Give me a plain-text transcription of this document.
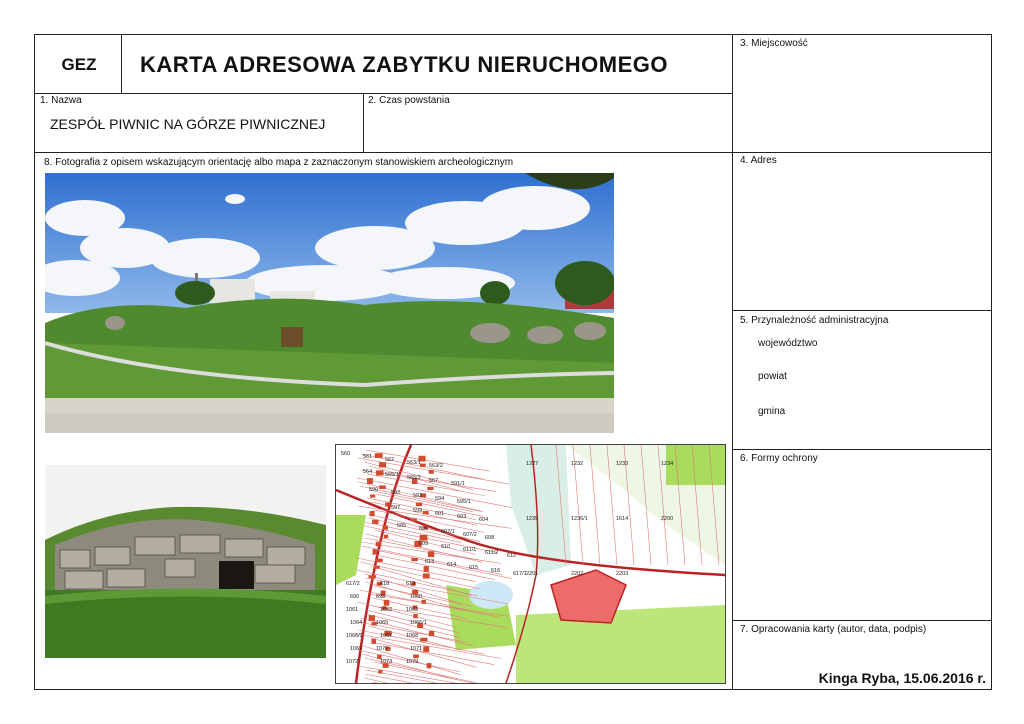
GEZ	KARTA ADRESOWA ZABYTKU NIERUCHOMEGO
3. Miejscowość
1. Nazwa
ZESPÓŁ PIWNIC NA GÓRZE PIWNICZNEJ
2. Czas powstania
8. Fotografia z opisem wskazującym orientację albo mapa z zaznaczonym stanowiskiem archeologicznym	4. Adres
5. Przynależność administracyjna
województwo
powiat
gmina
6. Formy ochrony
7. Opracowania karty (autor, data, podpis)
Kinga Ryba, 15.06.2016 r.
560 561 562 563/1 563/2
564 565/1 565/2 567 591/1
590 592 593 594 595/1
597 599 601 603 604
605 606 607/1 607/2 608
609 610 611/1 611/2 612
613 614 615 616 617/1
617/2	618	619
690	698	1060
1061	1062	1063
1064	1065	1066/1
1066/2	1067	1068
1069	1070	1071
1072	1073	1079
1227	1232	1233	1234
1235	1236/1	1614	2200
2201	2202	2203
